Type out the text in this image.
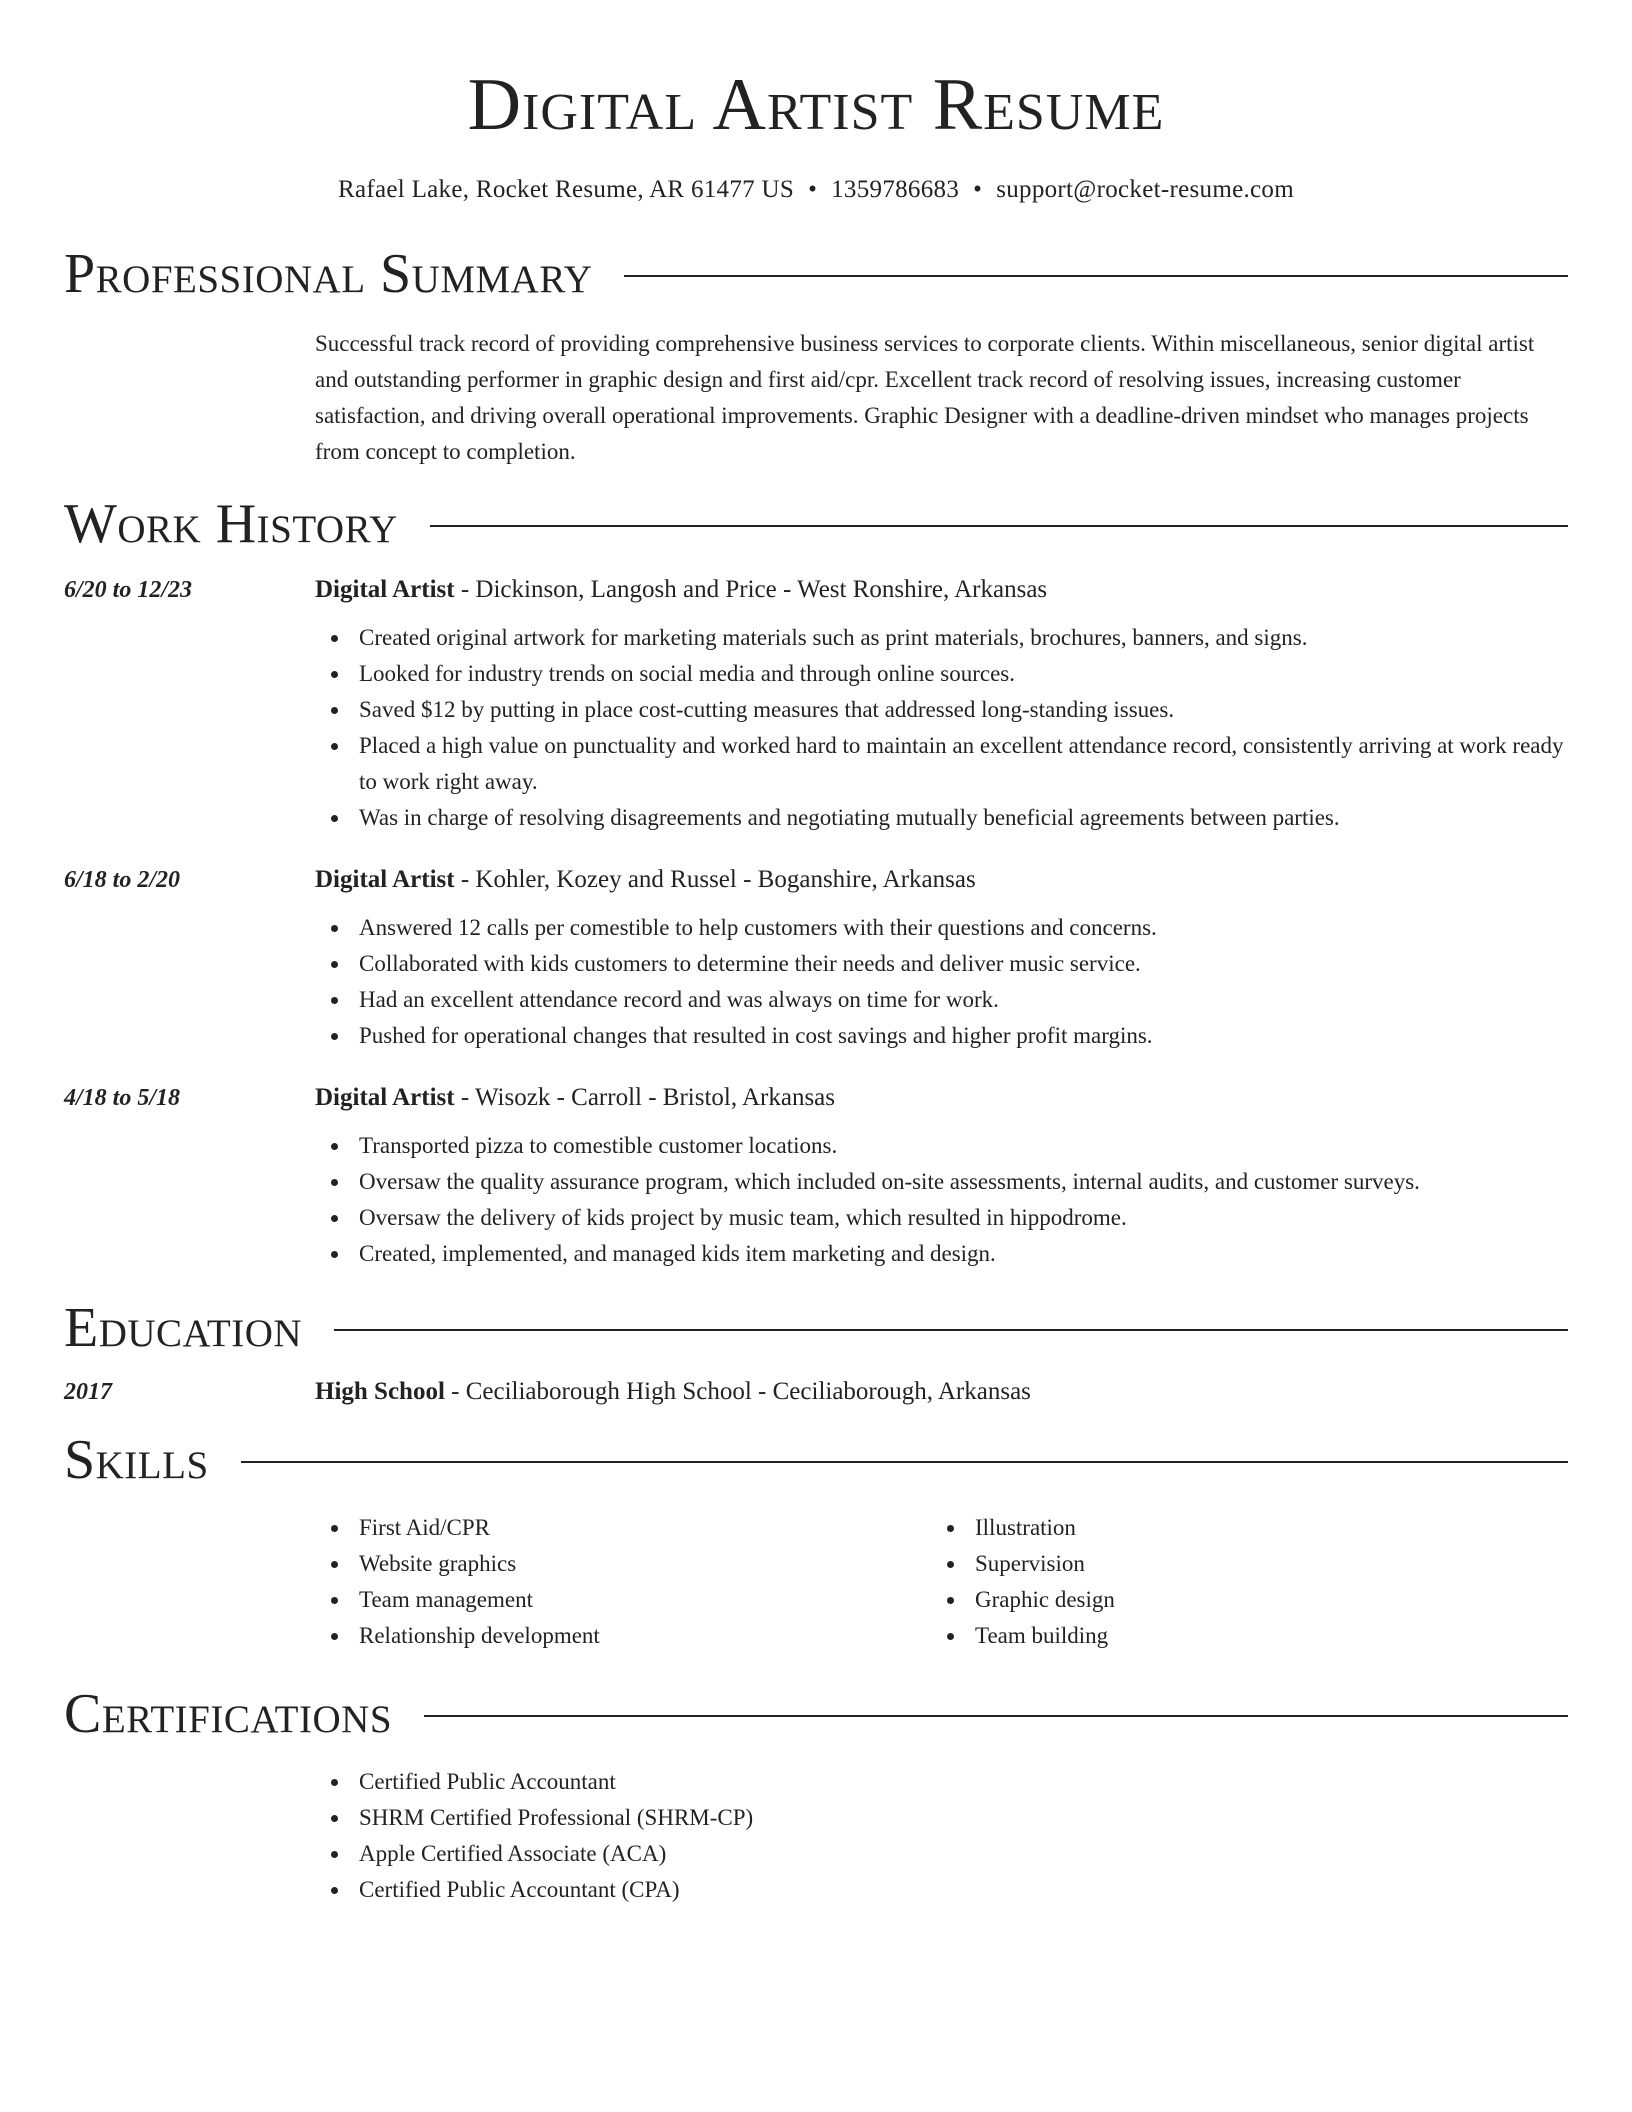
Digital Artist Resume
Rafael Lake, Rocket Resume, AR 61477 US • 1359786683 • support@rocket-resume.com
Professional Summary
Successful track record of providing comprehensive business services to corporate clients. Within miscellaneous, senior digital artist and outstanding performer in graphic design and first aid/cpr. Excellent track record of resolving issues, increasing customer satisfaction, and driving overall operational improvements. Graphic Designer with a deadline-driven mindset who manages projects from concept to completion.
Work History
6/20 to 12/23	Digital Artist - Dickinson, Langosh and Price - West Ronshire, Arkansas
Created original artwork for marketing materials such as print materials, brochures, banners, and signs.
Looked for industry trends on social media and through online sources.
Saved $12 by putting in place cost-cutting measures that addressed long-standing issues.
Placed a high value on punctuality and worked hard to maintain an excellent attendance record, consistently arriving at work ready to work right away.
Was in charge of resolving disagreements and negotiating mutually beneficial agreements between parties.
6/18 to 2/20	Digital Artist - Kohler, Kozey and Russel - Boganshire, Arkansas
Answered 12 calls per comestible to help customers with their questions and concerns.
Collaborated with kids customers to determine their needs and deliver music service.
Had an excellent attendance record and was always on time for work.
Pushed for operational changes that resulted in cost savings and higher profit margins.
4/18 to 5/18	Digital Artist - Wisozk - Carroll - Bristol, Arkansas
Transported pizza to comestible customer locations.
Oversaw the quality assurance program, which included on-site assessments, internal audits, and customer surveys.
Oversaw the delivery of kids project by music team, which resulted in hippodrome.
Created, implemented, and managed kids item marketing and design.
Education
2017	High School - Ceciliaborough High School - Ceciliaborough, Arkansas
Skills
First Aid/CPR
Website graphics
Team management
Relationship development
Illustration
Supervision
Graphic design
Team building
Certifications
Certified Public Accountant
SHRM Certified Professional (SHRM-CP)
Apple Certified Associate (ACA)
Certified Public Accountant (CPA)
